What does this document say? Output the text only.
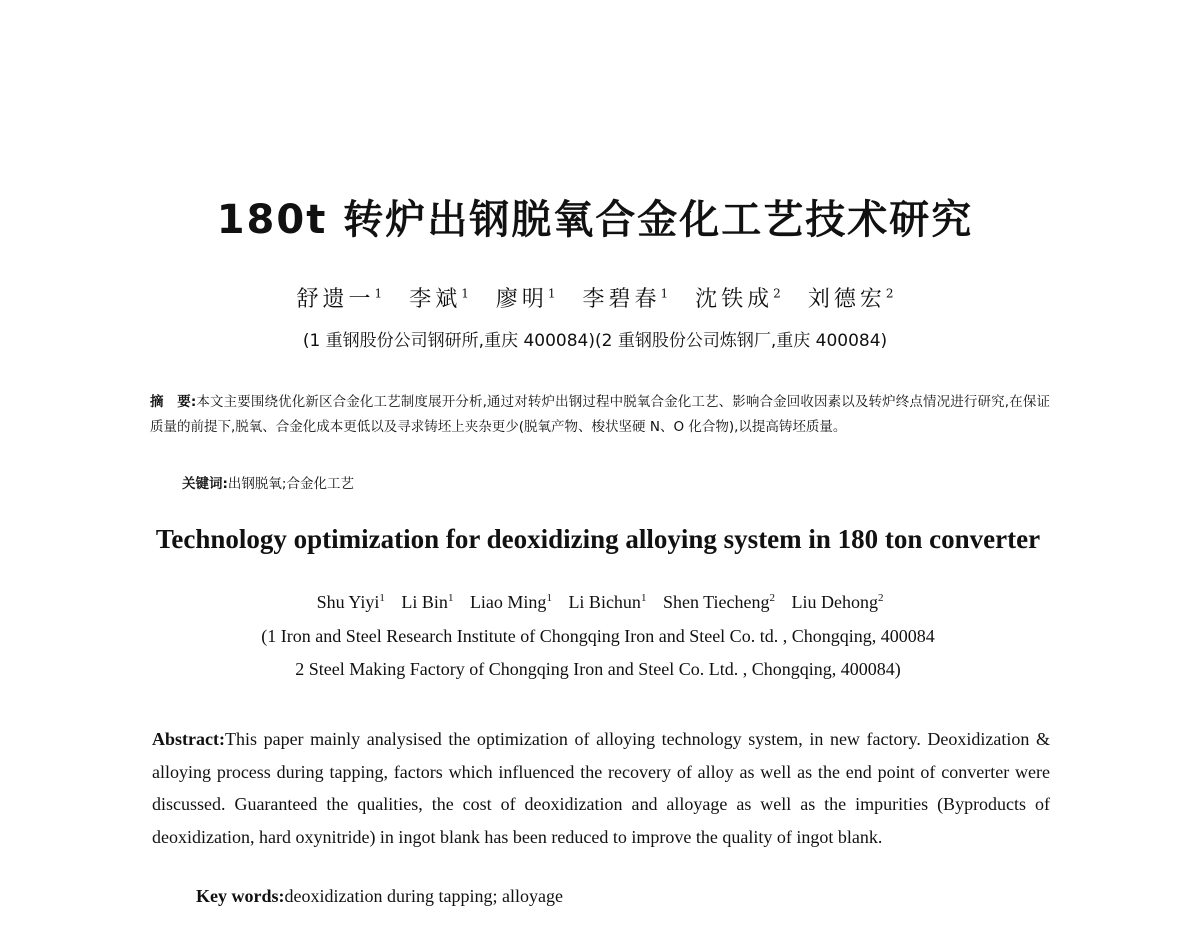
180t 转炉出钢脱氧合金化工艺技术研究
舒遗一$^1$ 李斌$^1$ 廖明$^1$ 李碧春$^1$ 沈铁成$^2$ 刘德宏$^2$
(1 重钢股份公司钢研所,重庆 400084)(2 重钢股份公司炼钢厂,重庆 400084)
摘　要:本文主要围绕优化新区合金化工艺制度展开分析,通过对转炉出钢过程中脱氧合金化工艺、影响合金回收因素以及转炉终点情况进行研究,在保证质量的前提下,脱氧、合金化成本更低以及寻求铸坯上夹杂更少(脱氧产物、梭状坚硬 N、O 化合物),以提高铸坯质量。
关键词:出钢脱氧;合金化工艺
Technology optimization for deoxidizing alloying system in 180 ton converter
Shu Yiyi$^1$ Li Bin$^1$ Liao Ming$^1$ Li Bichun$^1$ Shen Tiecheng$^2$ Liu Dehong$^2$
(1 Iron and Steel Research Institute of Chongqing Iron and Steel Co. td. , Chongqing, 400084
2 Steel Making Factory of Chongqing Iron and Steel Co. Ltd. , Chongqing, 400084)
Abstract:This paper mainly analysised the optimization of alloying technology system, in new factory. Deoxidization & alloying process during tapping, factors which influenced the recovery of alloy as well as the end point of converter were discussed. Guaranteed the qualities, the cost of deoxidization and alloyage as well as the impurities (Byproducts of deoxidization, hard oxynitride) in ingot blank has been reduced to improve the quality of ingot blank.
Key words:deoxidization during tapping; alloyage
